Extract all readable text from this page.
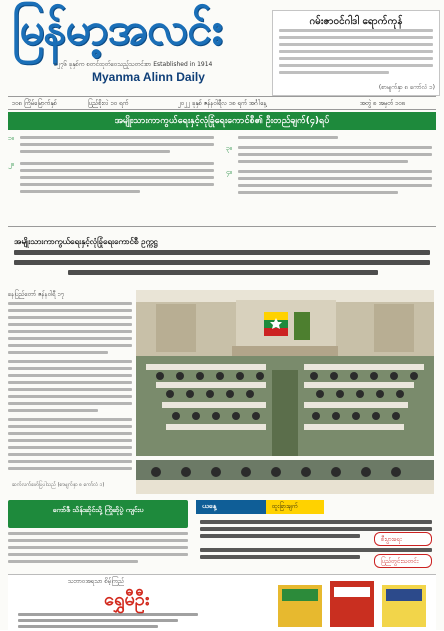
မြန်မာ့အလင်း
၁၂၇၆ ခုနှစ်က စတင်ထုတ်ဝေသည့်သတင်းစာ Established in 1914
Myanma Alinn Daily
ဂမ်းဇာဝင်ဂါဒါ ရောက်ကုန်
(စာမျက်နှာ ၈ ကော်လံ ၁)
၁၀၈ ကြိမ်မြောက်နှစ်	ပြည်စိုးလဲ ၁၀ ရက်	၂၀၂၂ ခုနှစ် ဇန်နဝါရီလ ၁၈ ရက် အင်္ဂါနေ့	အတွဲ ၈ အမှတ် ၁၀၈
အမျိုးသားကာကွယ်ရေးနှင့်လုံခြုံရေးကောင်စီ၏ ဦးတည်ချက်(၄)ရပ်
၁။
၂။
၃။
၄။
အမျိုးသားကာကွယ်ရေးနှင့်လုံခြုံရေးကောင်စီ ဥက္ကဋ္ဌ
နေပြည်တော် ဇန်နဝါရီ ၁၇
ဆက်လက်ဖော်ပြပါသည် (စာမျက်နှာ ၈ ကော်လံ ၁)
ကော်ဖီ သိန်းဆိုင်သို့ ကြိုဆိုပွဲ ကျင်းပ	ယနေ့	ထူးခြားချက်
စီးပွားရေး
ပြည်တွင်းသတင်း
သဘာဝအရသာ စိမ့်ကြည်
ရွှေမီဦး
